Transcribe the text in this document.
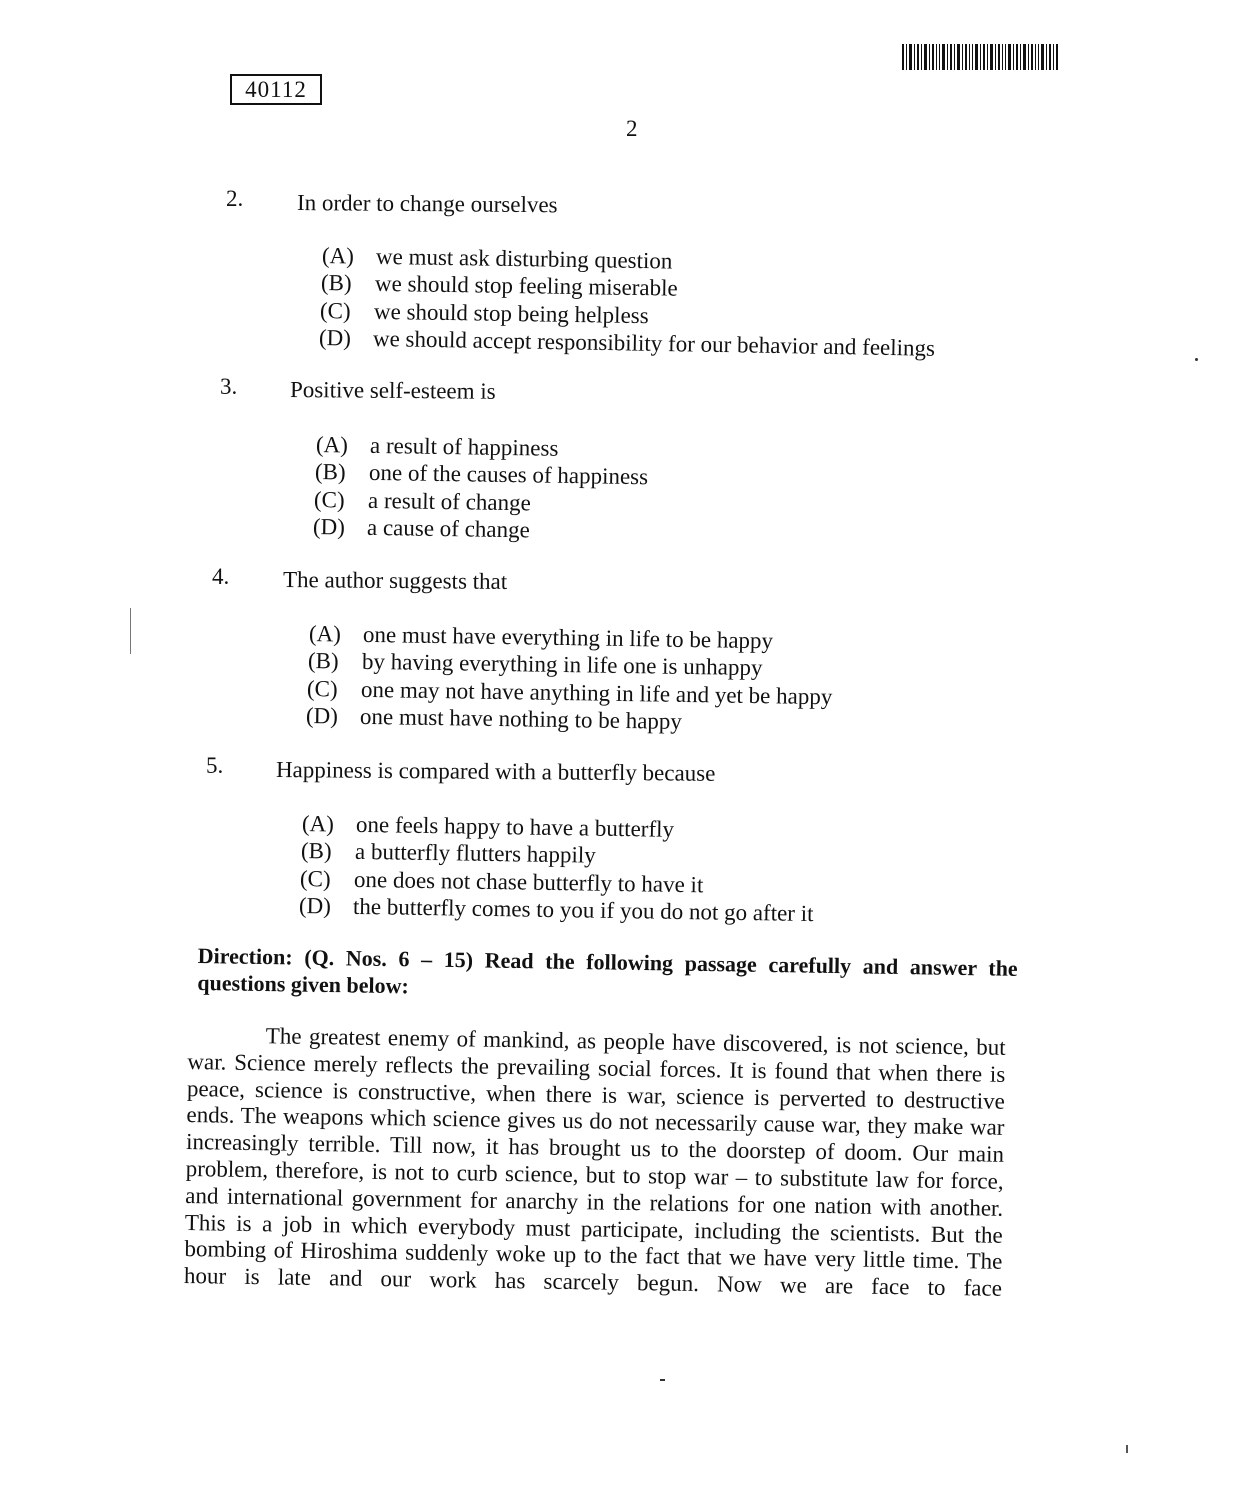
40112
2
2. In order to change ourselves
(A) we must ask disturbing question
(B) we should stop feeling miserable
(C) we should stop being helpless
(D) we should accept responsibility for our behavior and feelings
3. Positive self-esteem is
(A) a result of happiness
(B) one of the causes of happiness
(C) a result of change
(D) a cause of change
4. The author suggests that
(A) one must have everything in life to be happy
(B) by having everything in life one is unhappy
(C) one may not have anything in life and yet be happy
(D) one must have nothing to be happy
5. Happiness is compared with a butterfly because
(A) one feels happy to have a butterfly
(B) a butterfly flutters happily
(C) one does not chase butterfly to have it
(D) the butterfly comes to you if you do not go after it
Direction: (Q. Nos. 6 – 15) Read the following passage carefully and answer the questions given below:
The greatest enemy of mankind, as people have discovered, is not science, but war. Science merely reflects the prevailing social forces. It is found that when there is peace, science is constructive, when there is war, science is perverted to destructive ends. The weapons which science gives us do not necessarily cause war, they make war increasingly terrible. Till now, it has brought us to the doorstep of doom. Our main problem, therefore, is not to curb science, but to stop war – to substitute law for force, and international government for anarchy in the relations for one nation with another. This is a job in which everybody must participate, including the scientists. But the bombing of Hiroshima suddenly woke up to the fact that we have very little time. The hour is late and our work has scarcely begun. Now we are face to face
